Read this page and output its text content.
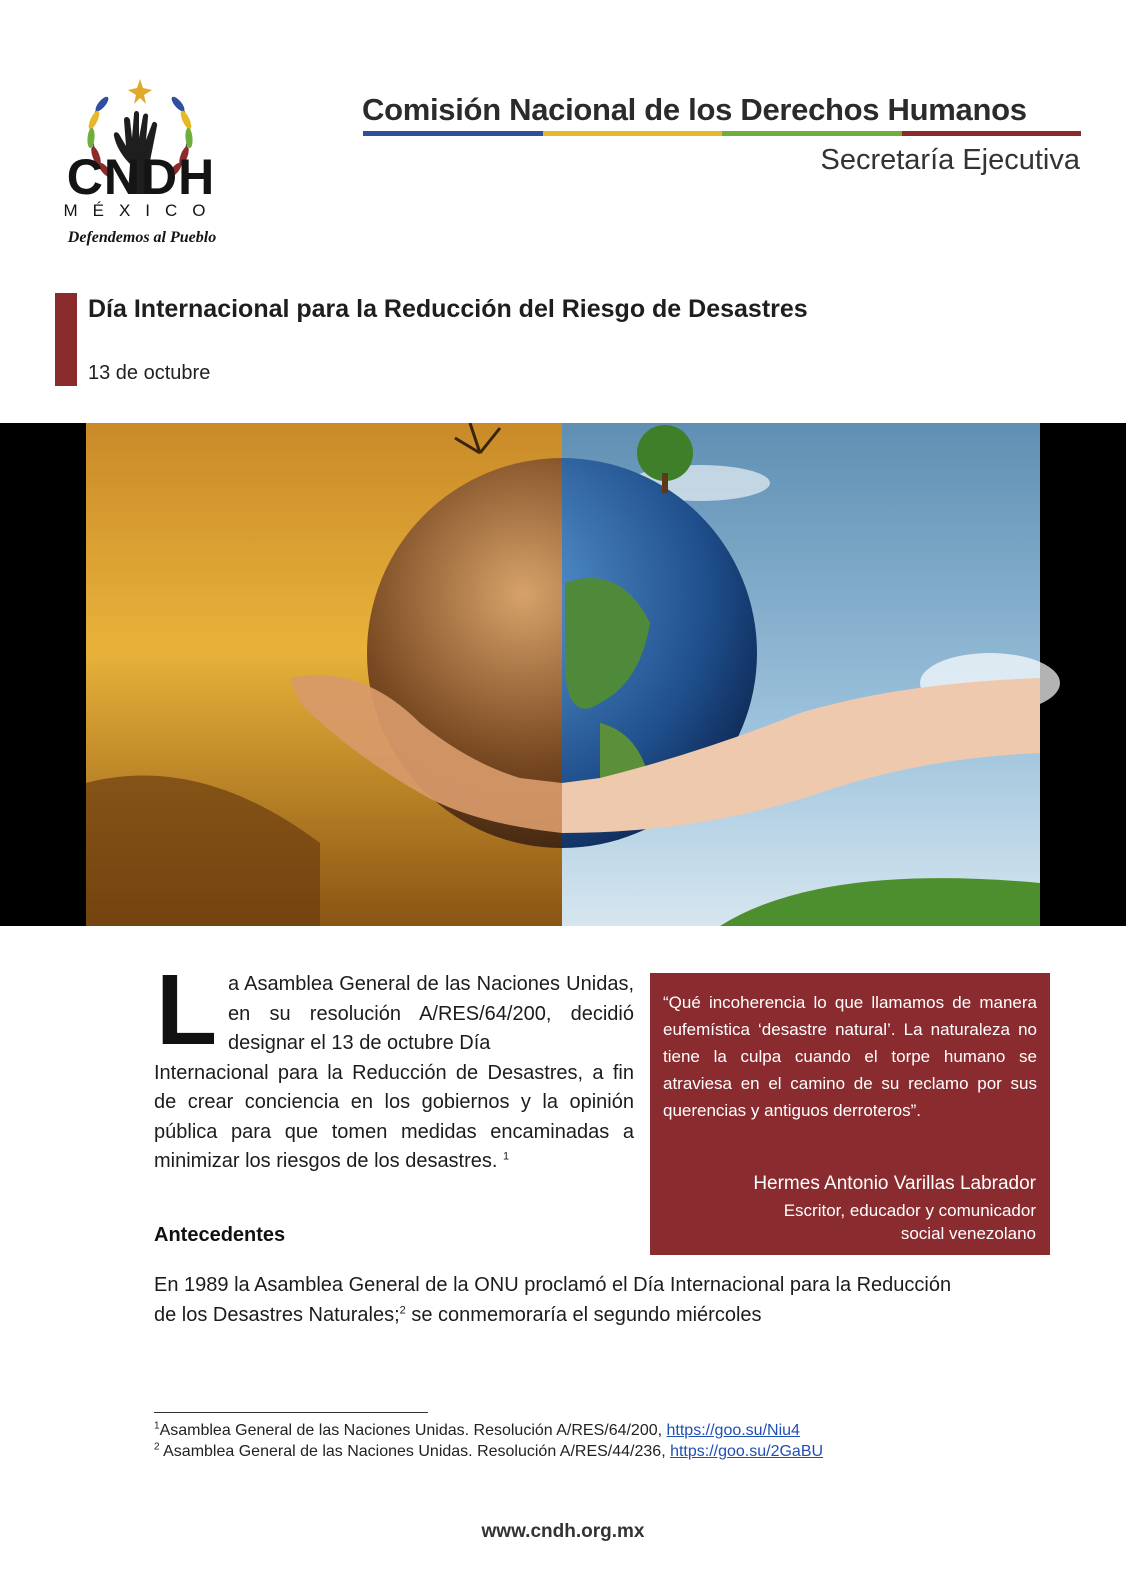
CNDH
MÉXICO
Defendemos al Pueblo
Comisión Nacional de los Derechos Humanos
Secretaría Ejecutiva
Día Internacional para la Reducción del Riesgo de Desastres
13 de octubre
L a Asamblea General de las Naciones Unidas, en su resolución A/RES/64/200, decidió designar el 13 de octubre Día
Internacional para la Reducción de Desastres, a fin de crear conciencia en los gobiernos y la opinión pública para que tomen medidas encaminadas a minimizar los riesgos de los desastres. $^1$
Antecedentes
En 1989 la Asamblea General de la ONU proclamó el Día Internacional para la Reducción de los Desastres Naturales;$^2$ se conmemoraría el segundo miércoles
“Qué incoherencia lo que llamamos de manera eufemística ‘desastre natural’. La naturaleza no tiene la culpa cuando el torpe humano se atraviesa en el camino de su reclamo por sus querencias y antiguos derroteros”.
Hermes Antonio Varillas Labrador
Escritor, educador y comunicador social venezolano
$^1$Asamblea General de las Naciones Unidas. Resolución A/RES/64/200, https://goo.su/Niu4
$^2$ Asamblea General de las Naciones Unidas. Resolución A/RES/44/236, https://goo.su/2GaBU
www.cndh.org.mx
